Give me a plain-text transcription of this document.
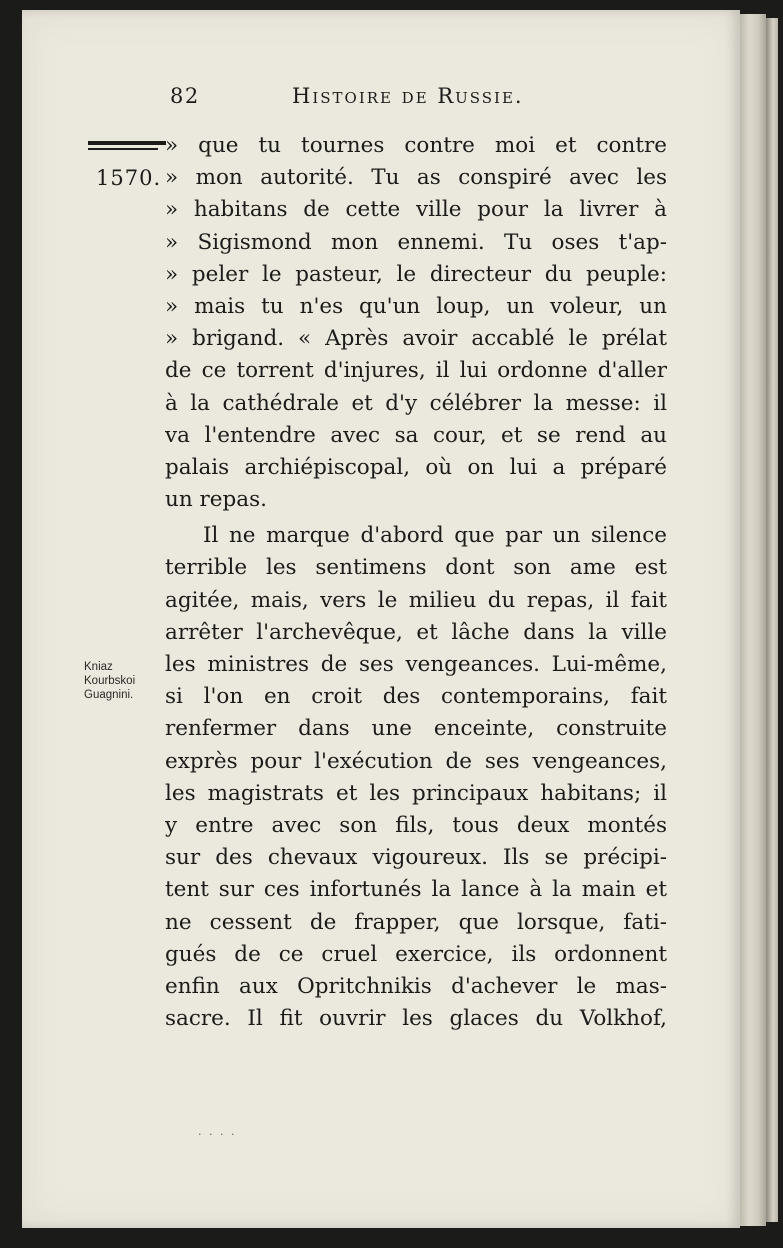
82	Histoire de Russie.
1570.
Kniaz
Kourbskoi
Guagnini.
» que tu tournes contre moi et contre
» mon autorité. Tu as conspiré avec les
» habitans de cette ville pour la livrer à
» Sigismond mon ennemi. Tu oses t'ap-
» peler le pasteur, le directeur du peuple:
» mais tu n'es qu'un loup, un voleur, un
» brigand. « Après avoir accablé le prélat
de ce torrent d'injures, il lui ordonne d'aller
à la cathédrale et d'y célébrer la messe: il
va l'entendre avec sa cour, et se rend au
palais archiépiscopal, où on lui a préparé
un repas.
Il ne marque d'abord que par un silence
terrible les sentimens dont son ame est
agitée, mais, vers le milieu du repas, il fait
arrêter l'archevêque, et lâche dans la ville
les ministres de ses vengeances. Lui-même,
si l'on en croit des contemporains, fait
renfermer dans une enceinte, construite
exprès pour l'exécution de ses vengeances,
les magistrats et les principaux habitans; il
y entre avec son fils, tous deux montés
sur des chevaux vigoureux. Ils se précipi-
tent sur ces infortunés la lance à la main et
ne cessent de frapper, que lorsque, fati-
gués de ce cruel exercice, ils ordonnent
enfin aux Opritchnikis d'achever le mas-
sacre. Il fit ouvrir les glaces du Volkhof,
· · · ·
